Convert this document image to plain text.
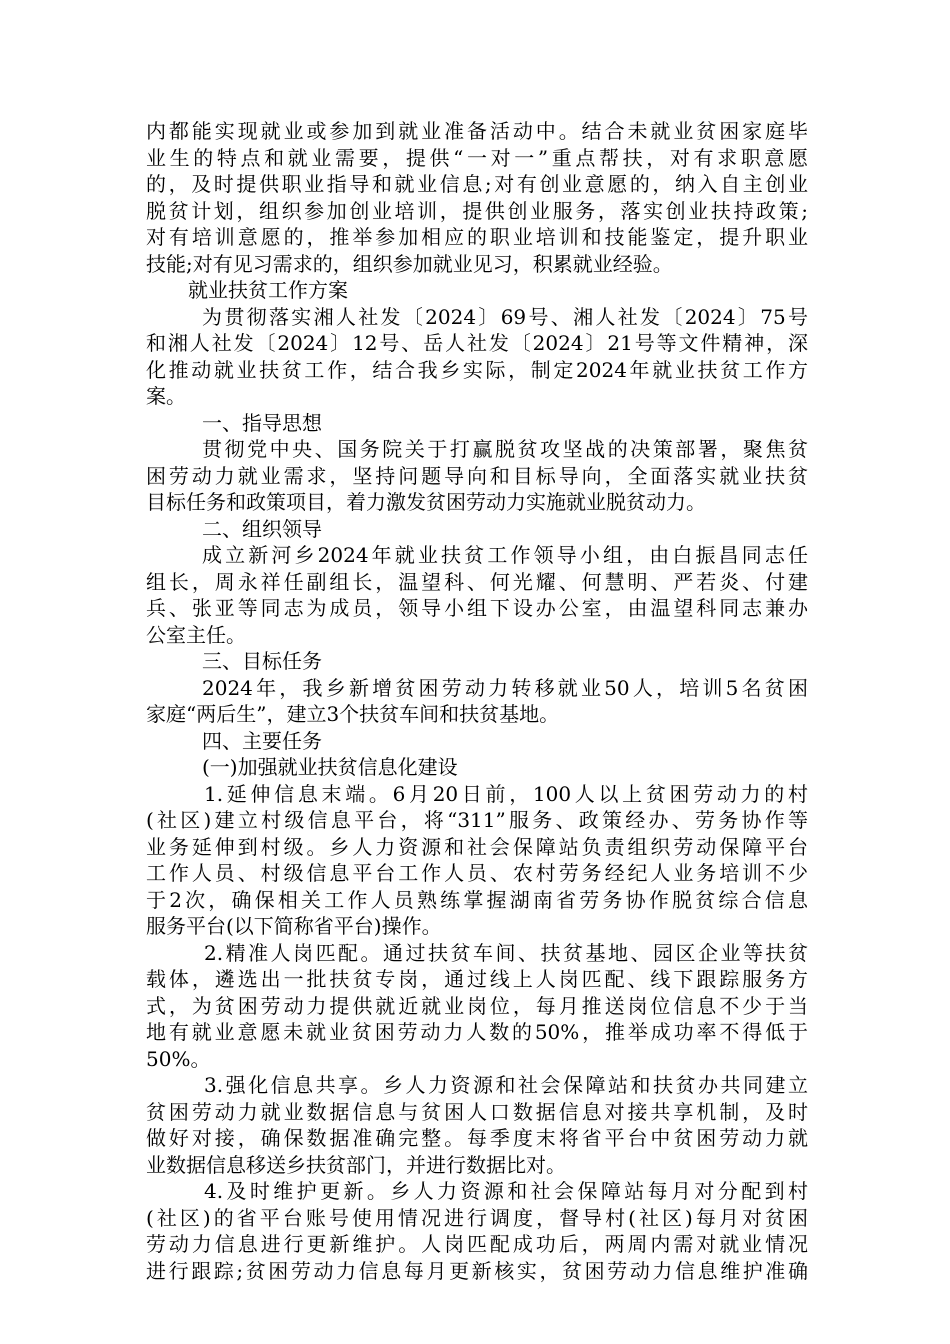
内都能实现就业或参加到就业准备活动中。结合未就业贫困家庭毕
业生的特点和就业需要，提供“一对一”重点帮扶，对有求职意愿
的，及时提供职业指导和就业信息;对有创业意愿的，纳入自主创业
脱贫计划，组织参加创业培训，提供创业服务，落实创业扶持政策;
对有培训意愿的，推举参加相应的职业培训和技能鉴定，提升职业
技能;对有见习需求的，组织参加就业见习，积累就业经验。
就业扶贫工作方案
为贯彻落实湘人社发〔2024〕69号、湘人社发〔2024〕75号
和湘人社发〔2024〕12号、岳人社发〔2024〕21号等文件精神，深
化推动就业扶贫工作，结合我乡实际，制定2024年就业扶贫工作方
案。
一、指导思想
贯彻党中央、国务院关于打赢脱贫攻坚战的决策部署，聚焦贫
困劳动力就业需求，坚持问题导向和目标导向，全面落实就业扶贫
目标任务和政策项目，着力激发贫困劳动力实施就业脱贫动力。
二、组织领导
成立新河乡2024年就业扶贫工作领导小组，由白振昌同志任
组长，周永祥任副组长，温望科、何光耀、何慧明、严若炎、付建
兵、张亚等同志为成员，领导小组下设办公室，由温望科同志兼办
公室主任。
三、目标任务
2024年，我乡新增贫困劳动力转移就业50人，培训5名贫困
家庭“两后生”，建立3个扶贫车间和扶贫基地。
四、主要任务
(一)加强就业扶贫信息化建设
1.延伸信息末端。6月20日前，100人以上贫困劳动力的村
(社区)建立村级信息平台，将“311”服务、政策经办、劳务协作等
业务延伸到村级。乡人力资源和社会保障站负责组织劳动保障平台
工作人员、村级信息平台工作人员、农村劳务经纪人业务培训不少
于2次，确保相关工作人员熟练掌握湖南省劳务协作脱贫综合信息
服务平台(以下简称省平台)操作。
2.精准人岗匹配。通过扶贫车间、扶贫基地、园区企业等扶贫
载体，遴选出一批扶贫专岗，通过线上人岗匹配、线下跟踪服务方
式，为贫困劳动力提供就近就业岗位，每月推送岗位信息不少于当
地有就业意愿未就业贫困劳动力人数的50%，推举成功率不得低于
50%。
3.强化信息共享。乡人力资源和社会保障站和扶贫办共同建立
贫困劳动力就业数据信息与贫困人口数据信息对接共享机制，及时
做好对接，确保数据准确完整。每季度末将省平台中贫困劳动力就
业数据信息移送乡扶贫部门，并进行数据比对。
4.及时维护更新。乡人力资源和社会保障站每月对分配到村
(社区)的省平台账号使用情况进行调度，督导村(社区)每月对贫困
劳动力信息进行更新维护。人岗匹配成功后，两周内需对就业情况
进行跟踪;贫困劳动力信息每月更新核实，贫困劳动力信息维护准确
